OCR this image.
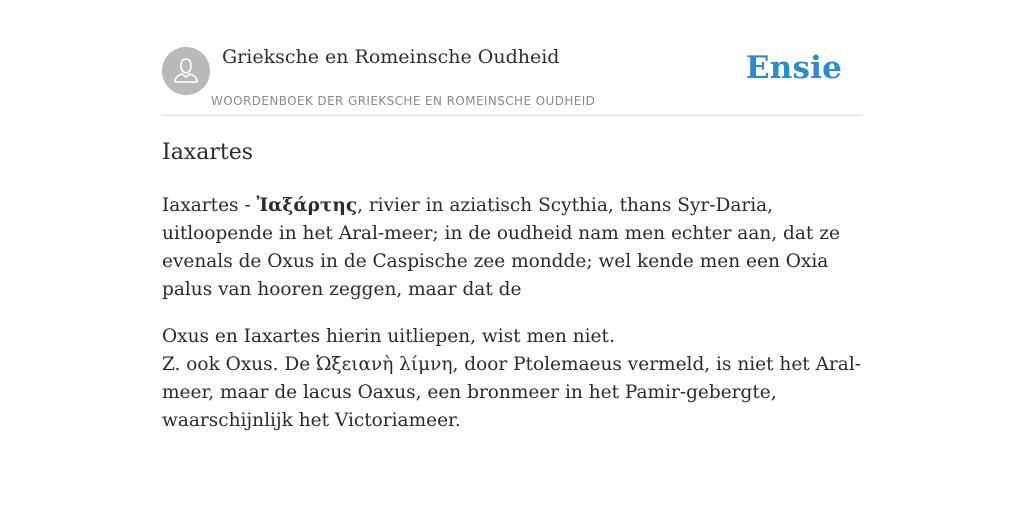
Grieksche en Romeinsche Oudheid
WOORDENBOEK DER GRIEKSCHE EN ROMEINSCHE OUDHEID
Ensie
Iaxartes

Iaxartes - Ἰαξάρτης, rivier in aziatisch Scythia, thans Syr-Daria, uitloopende in het Aral-meer; in de oudheid nam men echter aan, dat ze evenals de Oxus in de Caspische zee mondde; wel kende men een Oxia palus van hooren zeggen, maar dat de

Oxus en Iaxartes hierin uitliepen, wist men niet.
Z. ook Oxus. De Ὠξειανὴ λίμνη, door Ptolemaeus vermeld, is niet het Aral-meer, maar de lacus Oaxus, een bronmeer in het Pamir-gebergte, waarschijnlijk het Victoriameer.
